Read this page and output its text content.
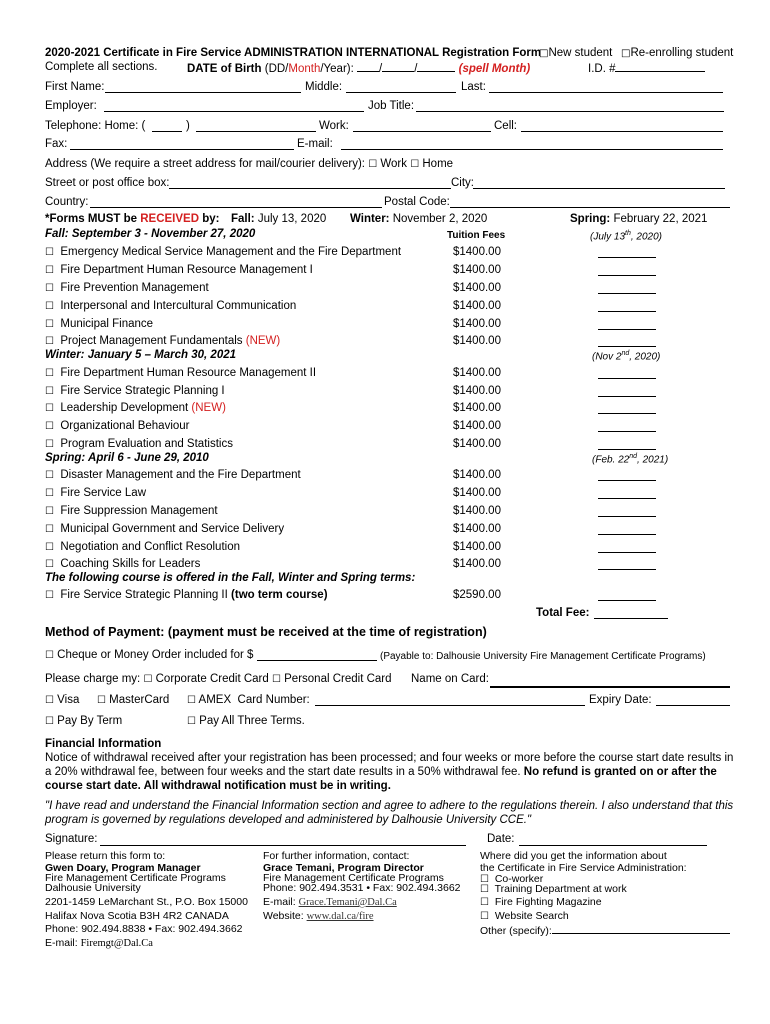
2020-2021 Certificate in Fire Service ADMINISTRATION INTERNATIONAL Registration Form
□New student □Re-enrolling student
Complete all sections.	DATE of Birth (DD/Month/Year): /	/	(spell Month)	I.D. #
First Name:	Middle:	Last:
Employer:	Job Title:
Telephone: Home: (	)	Work:	Cell:
Fax:	E-mail:
Address (We require a street address for mail/courier delivery): ☐ Work ☐ Home
Street or post office box:	City:
Country:	Postal Code:
*Forms MUST be RECEIVED by: Fall: July 13, 2020 Winter: November 2, 2020	Spring: February 22, 2021
Fall: September 3 - November 27, 2020	Tuition Fees	(July 13th, 2020)
☐ Emergency Medical Service Management and the Fire Department	$1400.00
☐ Fire Department Human Resource Management I	$1400.00
☐ Fire Prevention Management	$1400.00
☐ Interpersonal and Intercultural Communication	$1400.00
☐ Municipal Finance	$1400.00
☐ Project Management Fundamentals (NEW)	$1400.00
Winter: January 5 – March 30, 2021	(Nov 2nd, 2020)
☐ Fire Department Human Resource Management II	$1400.00
☐ Fire Service Strategic Planning I	$1400.00
☐ Leadership Development (NEW)	$1400.00
☐ Organizational Behaviour	$1400.00
☐ Program Evaluation and Statistics	$1400.00
Spring: April 6 - June 29, 2010	(Feb. 22nd, 2021)
☐ Disaster Management and the Fire Department	$1400.00
☐ Fire Service Law	$1400.00
☐ Fire Suppression Management	$1400.00
☐ Municipal Government and Service Delivery	$1400.00
☐ Negotiation and Conflict Resolution	$1400.00
☐ Coaching Skills for Leaders	$1400.00
The following course is offered in the Fall, Winter and Spring terms:
☐ Fire Service Strategic Planning II (two term course)	$2590.00
Total Fee:
Method of Payment: (payment must be received at the time of registration)
☐ Cheque or Money Order included for $	(Payable to: Dalhousie University Fire Management Certificate Programs)
Please charge my: ☐ Corporate Credit Card ☐ Personal Credit Card Name on Card:
☐ Visa ☐ MasterCard ☐ AMEX Card Number:	Expiry Date:
☐ Pay By Term	☐ Pay All Three Terms.
Financial Information
Notice of withdrawal received after your registration has been processed; and four weeks or more before the course start date results in a 20% withdrawal fee, between four weeks and the start date results in a 50% withdrawal fee. No refund is granted on or after the course start date. All withdrawal notification must be in writing.
"I have read and understand the Financial Information section and agree to adhere to the regulations therein. I also understand that this program is governed by regulations developed and administered by Dalhousie University CCE."
Signature:	Date:
Please return this form to:
Gwen Doary, Program Manager
Fire Management Certificate Programs
Dalhousie University
2201-1459 LeMarchant St., P.O. Box 15000
Halifax Nova Scotia B3H 4R2 CANADA
Phone: 902.494.8838 • Fax: 902.494.3662
E-mail: Firemgt@Dal.Ca
For further information, contact:
Grace Temani, Program Director
Fire Management Certificate Programs
Phone: 902.494.3531 • Fax: 902.494.3662
E-mail: Grace.Temani@Dal.Ca
Website: www.dal.ca/fire
Where did you get the information about
the Certificate in Fire Service Administration:
☐ Co-worker
☐ Training Department at work
☐ Fire Fighting Magazine
☐ Website Search
Other (specify):
